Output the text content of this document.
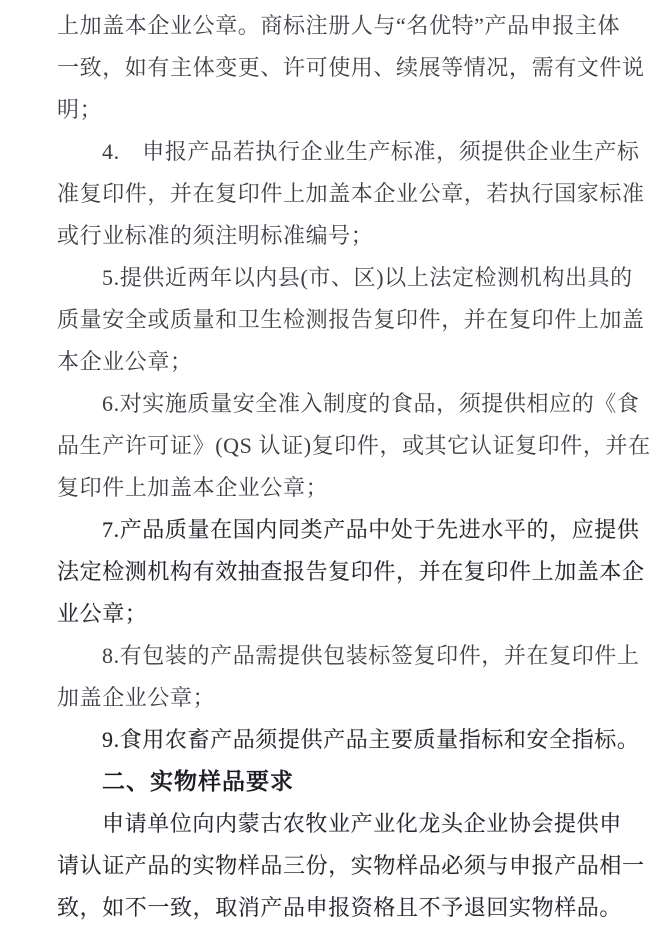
上加盖本企业公章。商标注册人与“名优特”产品申报主体
一致，如有主体变更、许可使用、续展等情况，需有文件说
明；
4.　申报产品若执行企业生产标准，须提供企业生产标
准复印件，并在复印件上加盖本企业公章，若执行国家标准
或行业标准的须注明标准编号；
5.提供近两年以内县(市、区)以上法定检测机构出具的
质量安全或质量和卫生检测报告复印件，并在复印件上加盖
本企业公章；
6.对实施质量安全准入制度的食品，须提供相应的《食
品生产许可证》(QS 认证)复印件，或其它认证复印件，并在
复印件上加盖本企业公章；
7.产品质量在国内同类产品中处于先进水平的，应提供
法定检测机构有效抽查报告复印件，并在复印件上加盖本企
业公章；
8.有包装的产品需提供包装标签复印件，并在复印件上
加盖企业公章；
9.食用农畜产品须提供产品主要质量指标和安全指标。
二、实物样品要求
申请单位向内蒙古农牧业产业化龙头企业协会提供申
请认证产品的实物样品三份，实物样品必须与申报产品相一
致，如不一致，取消产品申报资格且不予退回实物样品。
